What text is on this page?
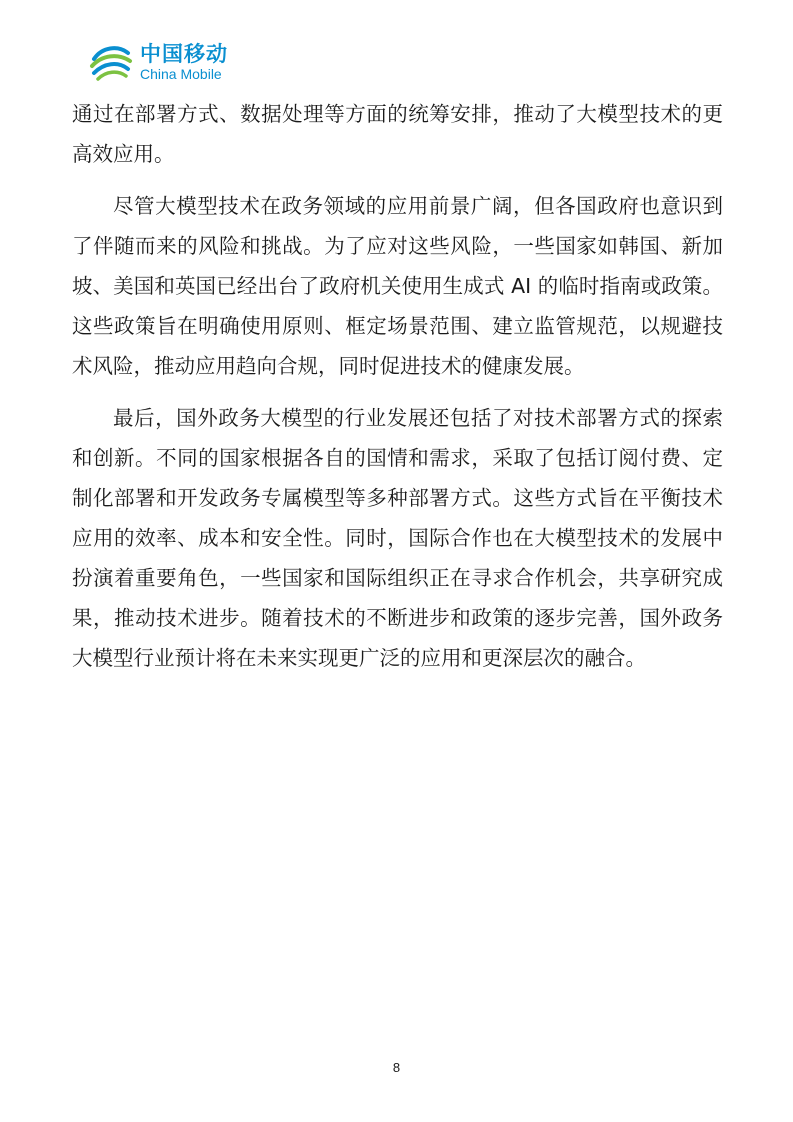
中国移动
China Mobile

通过在部署方式、数据处理等方面的统筹安排，推动了大模型技术的更高效应用。

尽管大模型技术在政务领域的应用前景广阔，但各国政府也意识到了伴随而来的风险和挑战。为了应对这些风险，一些国家如韩国、新加坡、美国和英国已经出台了政府机关使用生成式 AI 的临时指南或政策。这些政策旨在明确使用原则、框定场景范围、建立监管规范，以规避技术风险，推动应用趋向合规，同时促进技术的健康发展。

最后，国外政务大模型的行业发展还包括了对技术部署方式的探索和创新。不同的国家根据各自的国情和需求，采取了包括订阅付费、定制化部署和开发政务专属模型等多种部署方式。这些方式旨在平衡技术应用的效率、成本和安全性。同时，国际合作也在大模型技术的发展中扮演着重要角色，一些国家和国际组织正在寻求合作机会，共享研究成果，推动技术进步。随着技术的不断进步和政策的逐步完善，国外政务大模型行业预计将在未来实现更广泛的应用和更深层次的融合。

8
